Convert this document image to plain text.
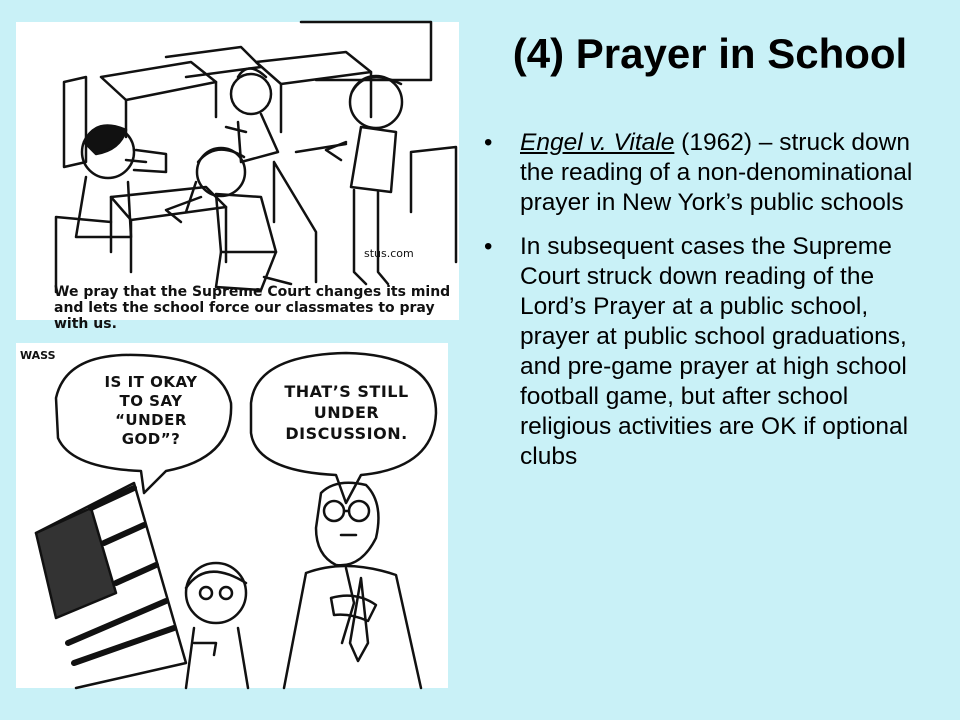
stus.com
We pray that the Supreme Court changes its mind
and lets the school force our classmates to pray with us.
WASS
IS IT OKAY
TO SAY
“UNDER
GOD”?
THAT’S STILL
UNDER
DISCUSSION.
(4) Prayer in School
• Engel v. Vitale (1962) – struck down the reading of a non-denominational prayer in New York’s public schools
• In subsequent cases the Supreme Court struck down reading of the Lord’s Prayer at a public school, prayer at public school graduations, and pre-game prayer at high school football game, but after school religious activities are OK if optional clubs
